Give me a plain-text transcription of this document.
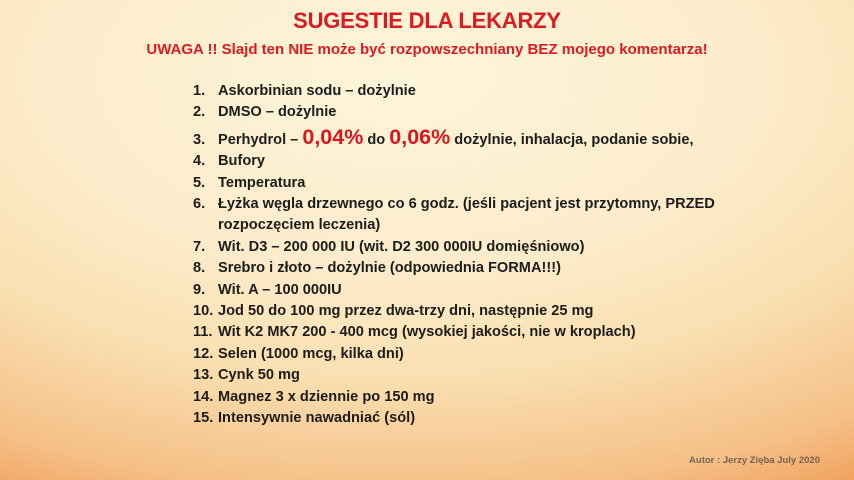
SUGESTIE DLA LEKARZY
UWAGA !! Slajd ten NIE może być rozpowszechniany BEZ mojego komentarza!
1. Askorbinian sodu – dożylnie
2. DMSO – dożylnie
3. Perhydrol – 0,04% do 0,06% dożylnie, inhalacja, podanie sobie,
4. Bufory
5. Temperatura
6. Łyżka węgla drzewnego co 6 godz. (jeśli pacjent jest przytomny, PRZED rozpoczęciem leczenia)
7. Wit. D3 – 200 000 IU (wit. D2 300 000IU domięśniowo)
8. Srebro i złoto – dożylnie (odpowiednia FORMA!!!)
9. Wit. A – 100 000IU
10. Jod 50 do 100 mg przez dwa-trzy dni, następnie 25 mg
11. Wit K2 MK7 200 - 400 mcg (wysokiej jakości, nie w kroplach)
12. Selen (1000 mcg, kilka dni)
13. Cynk 50 mg
14. Magnez 3 x dziennie po 150 mg
15. Intensywnie nawadniać (sól)
Autor : Jerzy Zięba July 2020
